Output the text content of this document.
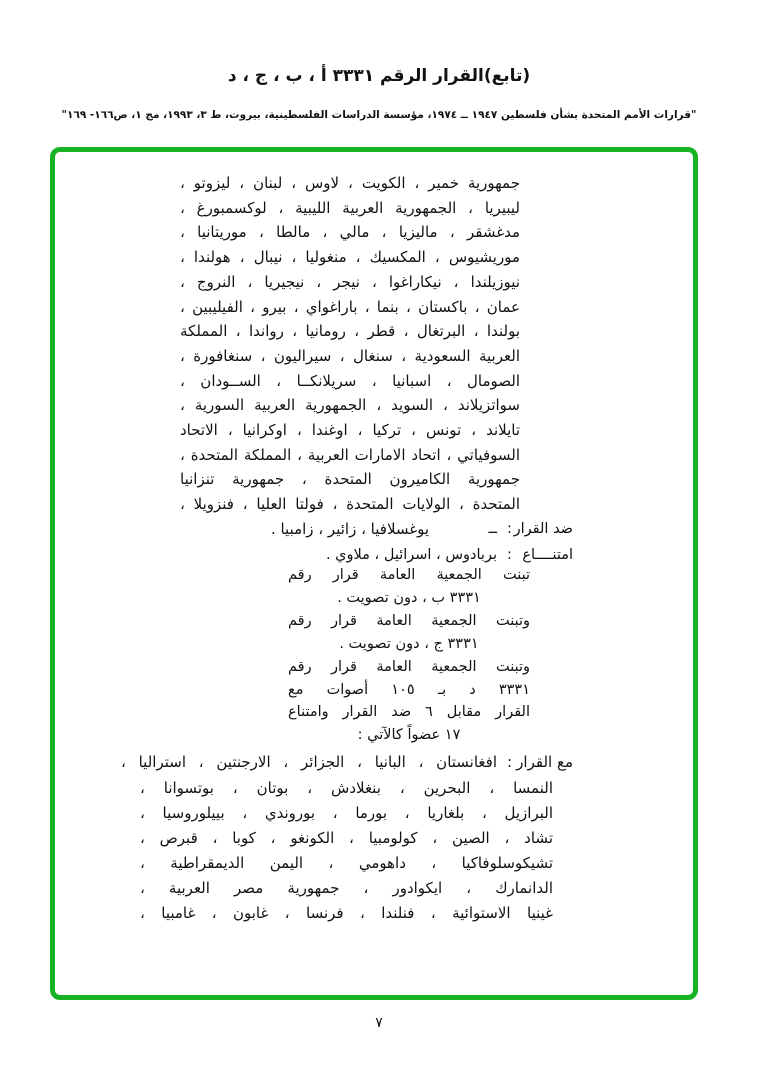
(تابع)القرار الرقم ٣٣٣١ أ ، ب ، ج ، د
"قرارات الأمم المتحدة بشأن فلسطين ١٩٤٧ ــ ١٩٧٤، مؤسسة الدراسات الفلسطينية، بيروت، ط ٣، ١٩٩٣، مج ١، ص١٦٦- ١٦٩"
جمهورية خمير ، الكويت ، لاوس ، لبنان ، ليزوتو ،
ليبيريا ، الجمهورية العربية الليبية ، لوكسمبورغ ،
مدغشقر ، ماليزيا ، مالي ، مالطا ، موريتانيا ،
موريشيوس ، المكسيك ، منغوليا ، نيبال ، هولندا ،
نيوزيلندا ، نيكاراغوا ، نيجر ، نيجيريا ، النروج ،
عمان ، باكستان ، بنما ، باراغواي ، بيرو ، الفيليبين ،
بولندا ، البرتغال ، قطر ، رومانيا ، رواندا ، المملكة
العربية السعودية ، سنغال ، سيراليون ، سنغافورة ،
الصومال ، اسبانيا ، سريلانكــا ، الســودان ،
سواتزيلاند ، السويد ، الجمهورية العربية السورية ،
تايلاند ، تونس ، تركيا ، اوغندا ، اوكرانيا ، الاتحاد
السوفياتي ، اتحاد الامارات العربية ، المملكة المتحدة ،
جمهورية الكاميرون المتحدة ، جمهورية تنزانيا
المتحدة ، الولايات المتحدة ، فولتا العليا ، فنزويلا ،
يوغسلافيا ، زائير ، زامبيا .	ضد القرار
:
ــ
امتنــــاع
:
بربادوس ، اسرائيل ، ملاوي .
تبنت الجمعية العامة قرار رقم
٣٣٣١ ب ، دون تصويت .
وتبنت الجمعية العامة قرار رقم
٣٣٣١ ج ، دون تصويت .
وتبنت الجمعية العامة قرار رقم
٣٣٣١ د بـ ١٠٥ أصوات مع
القرار مقابل ٦ ضد القرار وامتناع
١٧ عضواً كالآتي :
مع القرار
:
افغانستان ، البانيا ، الجزائر ، الارجنتين ، استراليا ،
النمسا ، البحرين ، بنغلادش ، بوتان ، بوتسوانا ،
البرازيل ، بلغاريا ، بورما ، بوروندي ، بييلوروسيا ،
تشاد ، الصين ، كولومبيا ، الكونغو ، كوبا ، قبرص ،
تشيكوسلوفاكيا ، داهومي ، اليمن الديمقراطية ،
الدانمارك ، ايكوادور ، جمهورية مصر العربية ،
غينيا الاستوائية ، فنلندا ، فرنسا ، غابون ، غامبيا ،
٧
